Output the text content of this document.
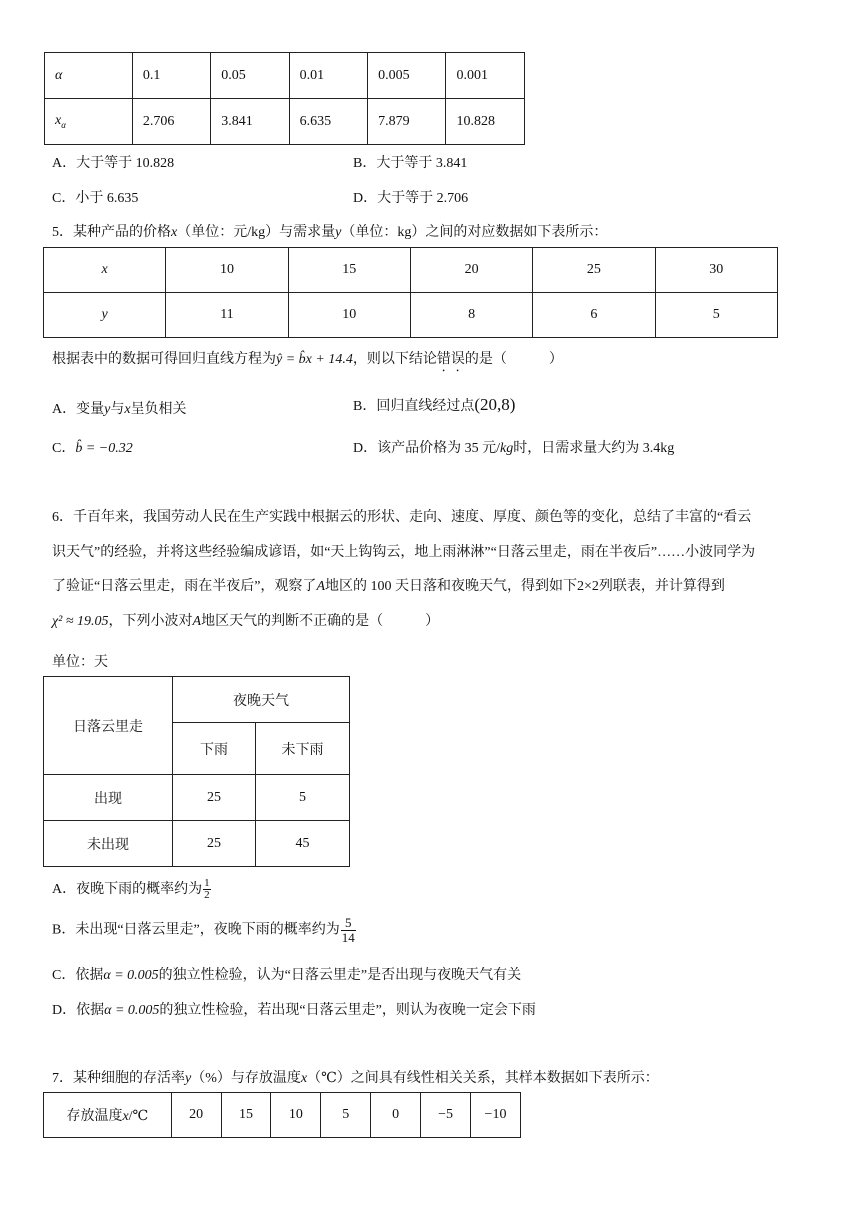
α	0.1	0.05	0.01	0.005	0.001
$x_\alpha$	2.706	3.841	6.635	7.879	10.828
A．大于等于 10.828	B．大于等于 3.841
C．小于 6.635	D．大于等于 2.706
5．某种产品的价格x（单位：元/kg）与需求量y（单位：kg）之间的对应数据如下表所示：
x	10	15	20	25	30
y	11	10	8	6	5
根据表中的数据可得回归直线方程为ŷ = b̂x + 14.4，则以下结论错误的是（　　　）
A．变量y与x呈负相关	B．回归直线经过点(20,8)
C．b̂ = −0.32	D．该产品价格为 35 元/kg时，日需求量大约为 3.4kg
6．千百年来，我国劳动人民在生产实践中根据云的形状、走向、速度、厚度、颜色等的变化，总结了丰富的“看云
识天气”的经验，并将这些经验编成谚语，如“天上钩钩云，地上雨淋淋”“日落云里走，雨在半夜后”……小波同学为
了验证“日落云里走，雨在半夜后”，观察了A地区的 100 天日落和夜晚天气，得到如下2×2列联表，并计算得到
χ² ≈ 19.05，下列小波对A地区天气的判断不正确的是（　　　）
单位：天
日落云里走	夜晚天气	
	下雨	未下雨
出现	25	5
未出现	25	45
A．夜晚下雨的概率约为 $\frac{1}{2}$
B．未出现“日落云里走”，夜晚下雨的概率约为 $\frac{5}{14}$
C．依据α = 0.005的独立性检验，认为“日落云里走”是否出现与夜晚天气有关
D．依据α = 0.005的独立性检验，若出现“日落云里走”，则认为夜晚一定会下雨
7．某种细胞的存活率y（%）与存放温度x（℃）之间具有线性相关关系，其样本数据如下表所示：
存放温度x/℃	20	15	10	5	0	−5	−10
